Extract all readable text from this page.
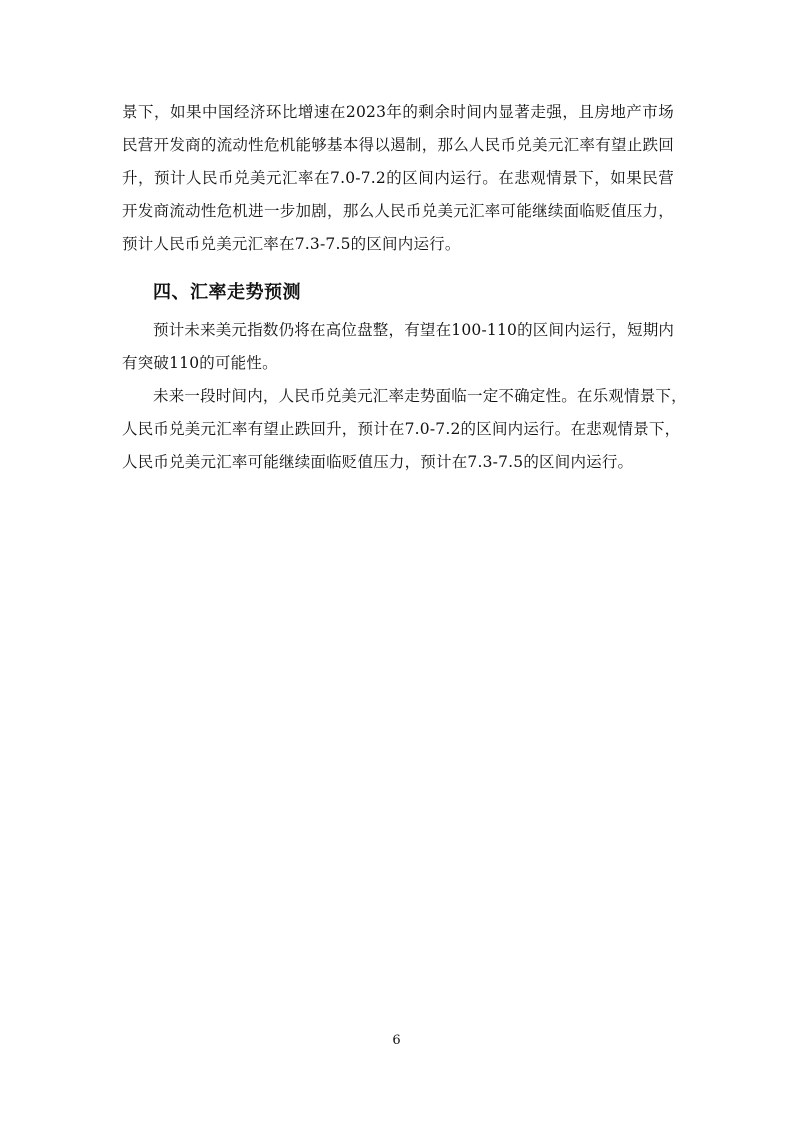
景下，如果中国经济环比增速在2023年的剩余时间内显著走强，且房地产市场

民营开发商的流动性危机能够基本得以遏制，那么人民币兑美元汇率有望止跌回

升，预计人民币兑美元汇率在7.0-7.2的区间内运行。在悲观情景下，如果民营

开发商流动性危机进一步加剧，那么人民币兑美元汇率可能继续面临贬值压力，

预计人民币兑美元汇率在7.3-7.5的区间内运行。

四、汇率走势预测

预计未来美元指数仍将在高位盘整，有望在100-110的区间内运行，短期内

有突破110的可能性。

未来一段时间内，人民币兑美元汇率走势面临一定不确定性。在乐观情景下，

人民币兑美元汇率有望止跌回升，预计在7.0-7.2的区间内运行。在悲观情景下，

人民币兑美元汇率可能继续面临贬值压力，预计在7.3-7.5的区间内运行。

6
